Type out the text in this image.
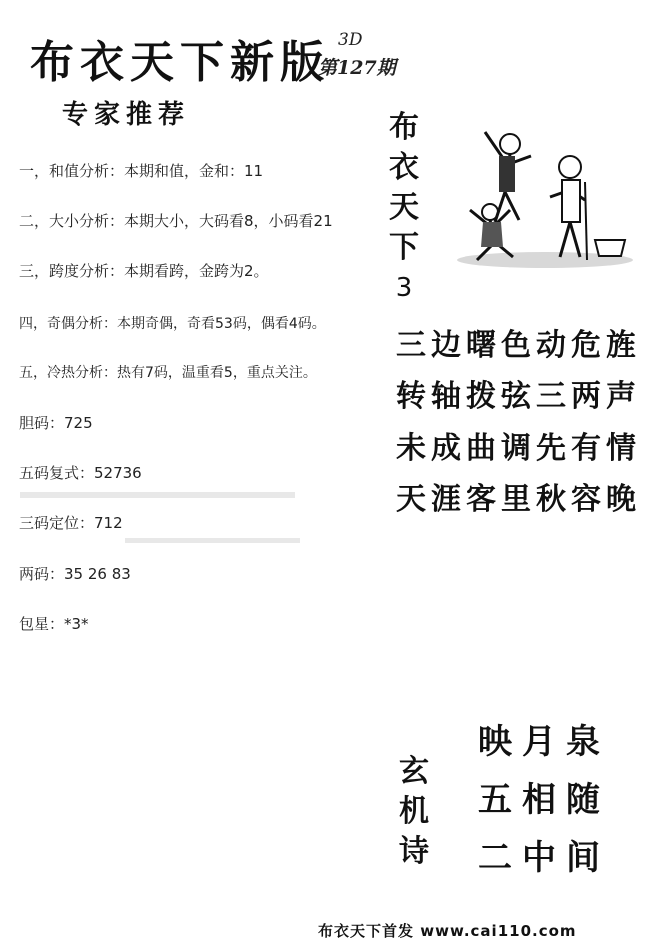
布衣天下新版 3D
第127期
专家推荐
一，和值分析：本期和值，金和：11
二，大小分析：本期大小，大码看8，小码看21
三，跨度分析：本期看跨，金跨为2。
四，奇偶分析：本期奇偶，奇看53码，偶看4码。
五，冷热分析：热有7码，温重看5，重点关注。
胆码：725
五码复式：52736
三码定位：712
两码：35 26 83
包星：*3*
布
衣
天
下
3
三边曙色动危旌
转轴拨弦三两声
未成曲调先有情
天涯客里秋容晚
玄
机
诗
映月泉
五相随
二中间
布衣天下首发 www.cai110.com
